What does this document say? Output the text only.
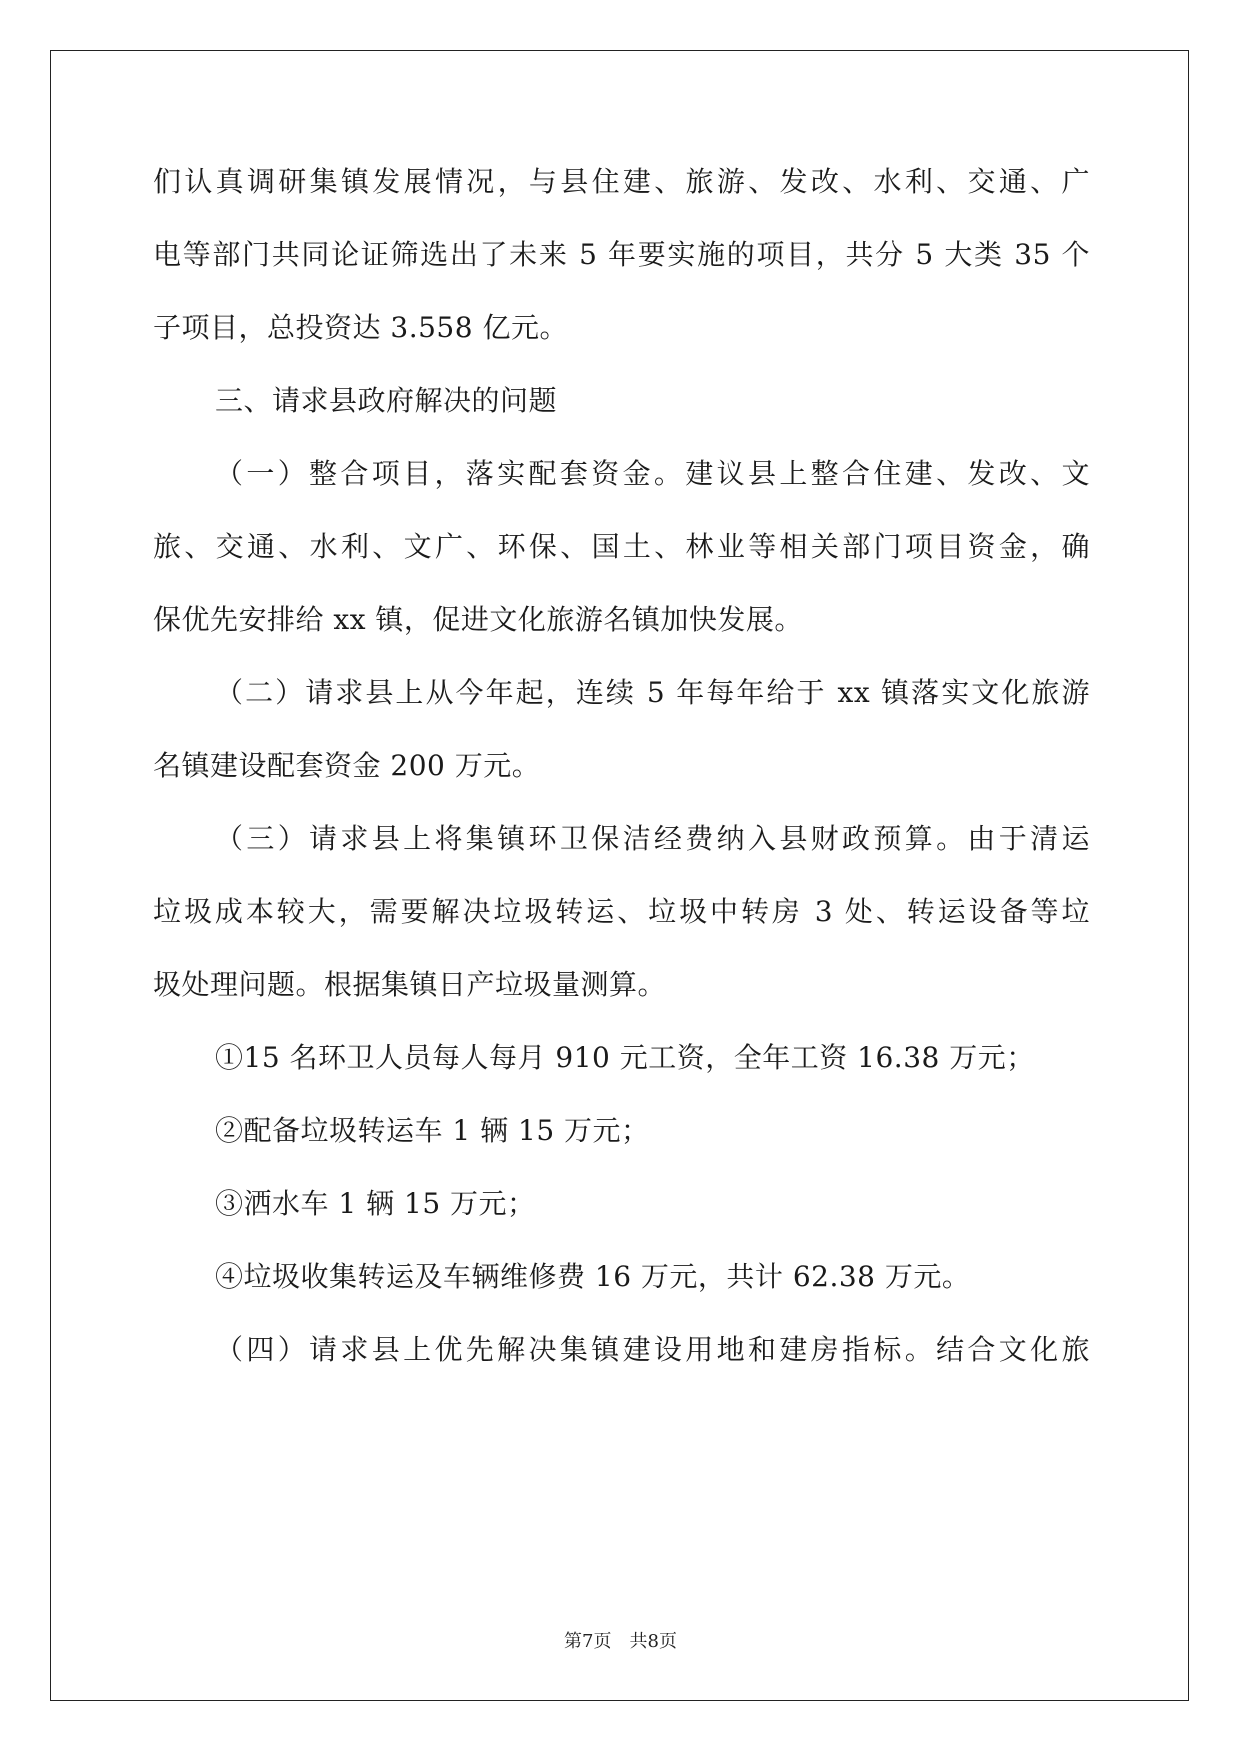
们认真调研集镇发展情况，与县住建、旅游、发改、水利、交通、广
电等部门共同论证筛选出了未来 5 年要实施的项目，共分 5 大类 35 个
子项目，总投资达 3.558 亿元。
三、请求县政府解决的问题
（一）整合项目，落实配套资金。建议县上整合住建、发改、文
旅、交通、水利、文广、环保、国土、林业等相关部门项目资金，确
保优先安排给 xx 镇，促进文化旅游名镇加快发展。
（二）请求县上从今年起，连续 5 年每年给于 xx 镇落实文化旅游
名镇建设配套资金 200 万元。
（三）请求县上将集镇环卫保洁经费纳入县财政预算。由于清运
垃圾成本较大，需要解决垃圾转运、垃圾中转房 3 处、转运设备等垃
圾处理问题。根据集镇日产垃圾量测算。
①15 名环卫人员每人每月 910 元工资，全年工资 16.38 万元；
②配备垃圾转运车 1 辆 15 万元；
③洒水车 1 辆 15 万元；
④垃圾收集转运及车辆维修费 16 万元，共计 62.38 万元。
（四）请求县上优先解决集镇建设用地和建房指标。结合文化旅
第7页 共8页
